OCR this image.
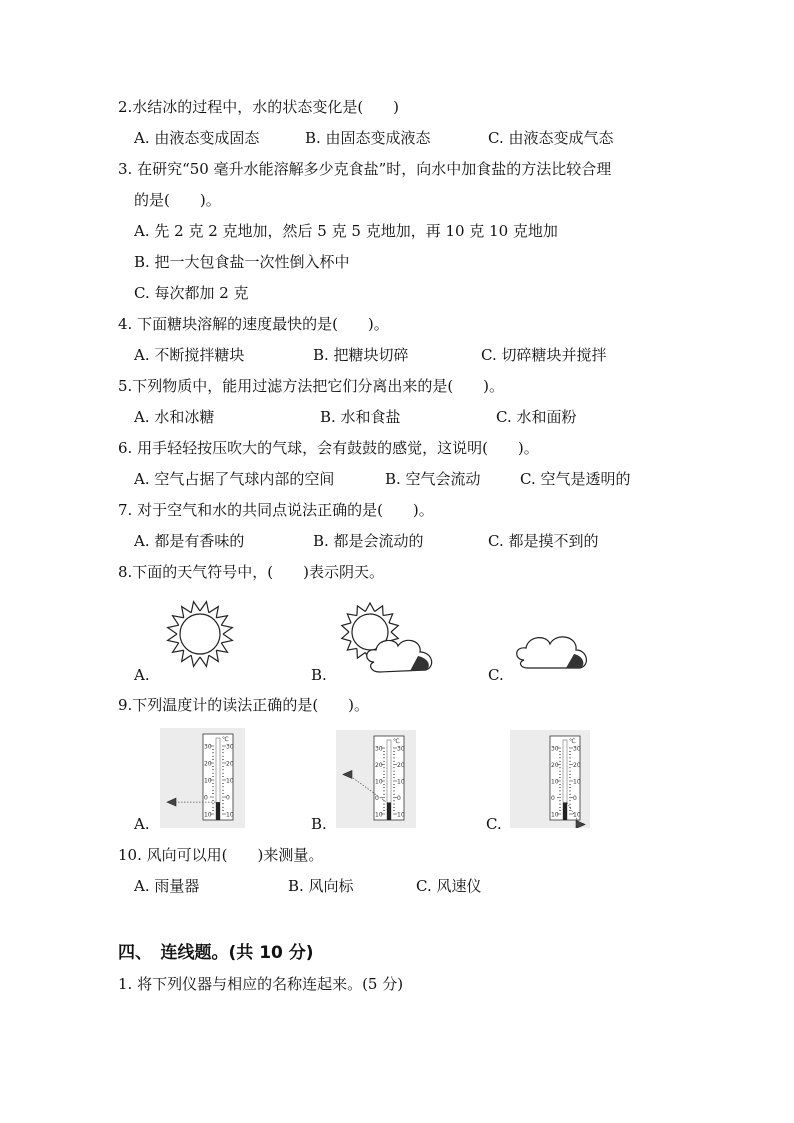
2.水结冰的过程中，水的状态变化是(　　)
A. 由液态变成固态	B. 由固态变成液态	C. 由液态变成气态
3. 在研究“50 毫升水能溶解多少克食盐”时，向水中加食盐的方法比较合理
的是(　　)。
A. 先 2 克 2 克地加，然后 5 克 5 克地加，再 10 克 10 克地加
B. 把一大包食盐一次性倒入杯中
C. 每次都加 2 克
4. 下面糖块溶解的速度最快的是(　　)。
A. 不断搅拌糖块	B. 把糖块切碎	C. 切碎糖块并搅拌
5.下列物质中，能用过滤方法把它们分离出来的是(　　)。
A. 水和冰糖	B. 水和食盐	C. 水和面粉
6. 用手轻轻按压吹大的气球，会有鼓鼓的感觉，这说明(　　)。
A. 空气占据了气球内部的空间	B. 空气会流动	C. 空气是透明的
7. 对于空气和水的共同点说法正确的是(　　)。
A. 都是有香味的	B. 都是会流动的	C. 都是摸不到的
8.下面的天气符号中，(　　)表示阴天。
A.	B.	C.
9.下列温度计的读法正确的是(　　)。
30 30
20 20
10 10
0	0
10 10
℃
A.
30 30
20 20
10 10
0	0
10 10
℃
B.
30 30
20 20
10 10
0	0
10 10
℃
C.
10. 风向可以用(　　)来测量。
A. 雨量器	B. 风向标	C. 风速仪
四、　连线题。(共 10 分)
1. 将下列仪器与相应的名称连起来。(5 分)
